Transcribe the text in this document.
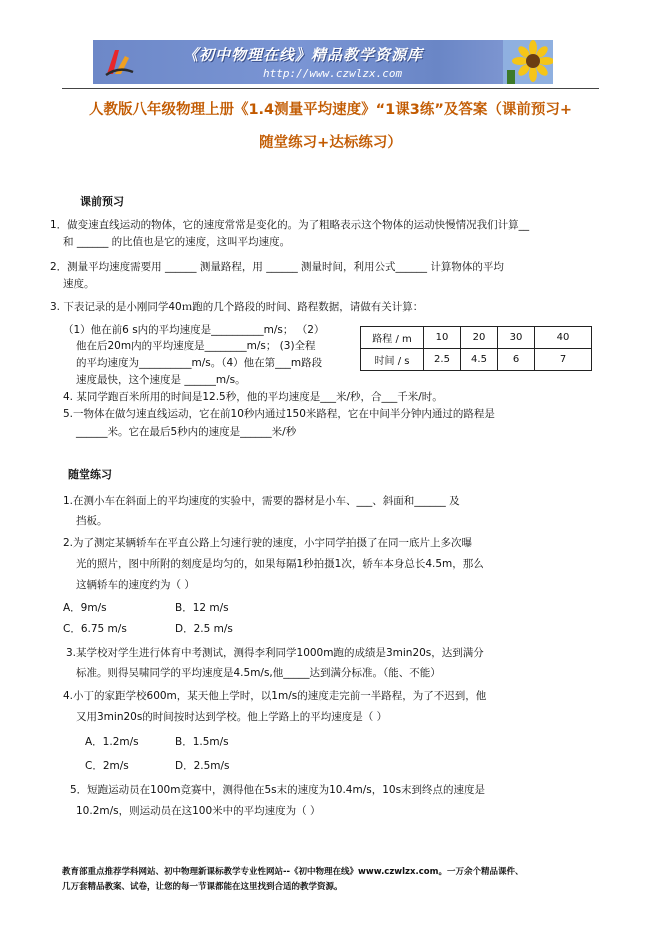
《初中物理在线》精品教学资源库
http://www.czwlzx.com
人教版八年级物理上册《1.4测量平均速度》“1课3练”及答案（课前预习+
随堂练习+达标练习）
课前预习
1．做变速直线运动的物体，它的速度常常是变化的。为了粗略表示这个物体的运动快慢情况我们计算__
和 ______ 的比值也是它的速度，这叫平均速度。
2．测量平均速度需要用 ______ 测量路程，用 ______ 测量时间，利用公式______ 计算物体的平均
速度。
3. 下表记录的是小刚同学40ｍ跑的几个路段的时间、路程数据，请做有关计算：
（1）他在前6 s内的平均速度是__________m/s； （2）
他在后20m内的平均速度是________m/s； (3)全程
的平均速度为__________m/s。（4）他在第___m路段
速度最快，这个速度是 ______m/s。
路程 / m	10	20	30	40
时间 / s	2.5	4.5	6	7
4. 某同学跑百米所用的时间是12.5秒，他的平均速度是___米/秒，合___千米/时。
5.一物体在做匀速直线运动，它在前10秒内通过150米路程，它在中间半分钟内通过的路程是
______米。它在最后5秒内的速度是______米/秒
随堂练习
1.在测小车在斜面上的平均速度的实验中，需要的器材是小车、___、斜面和______ 及
挡板。
2.为了测定某辆轿车在平直公路上匀速行驶的速度，小宇同学拍摄了在同一底片上多次曝
光的照片，图中所附的刻度是均匀的，如果每隔1秒拍摄1次，轿车本身总长4.5m，那么
这辆轿车的速度约为（ ）
A．9m/s	B．12 m/s
C．6.75 m/s	D．2.5 m/s
3.某学校对学生进行体育中考测试，测得李利同学1000m跑的成绩是3min20s，达到满分
标准。则得吴啸同学的平均速度是4.5m/s,他_____达到满分标准。（能、不能）
4.小丁的家距学校600m，某天他上学时，以1m/s的速度走完前一半路程，为了不迟到，他
又用3min20s的时间按时达到学校。他上学路上的平均速度是（ ）
A．1.2m/s	B．1.5m/s
C．2m/s	D．2.5m/s
5．短跑运动员在100m竞赛中，测得他在5s末的速度为10.4m/s，10s末到终点的速度是
10.2m/s，则运动员在这100米中的平均速度为（ ）
教育部重点推荐学科网站、初中物理新课标教学专业性网站--《初中物理在线》www.czwlzx.com。一万余个精品课件、
几万套精品教案、试卷，让您的每一节课都能在这里找到合适的教学资源。
